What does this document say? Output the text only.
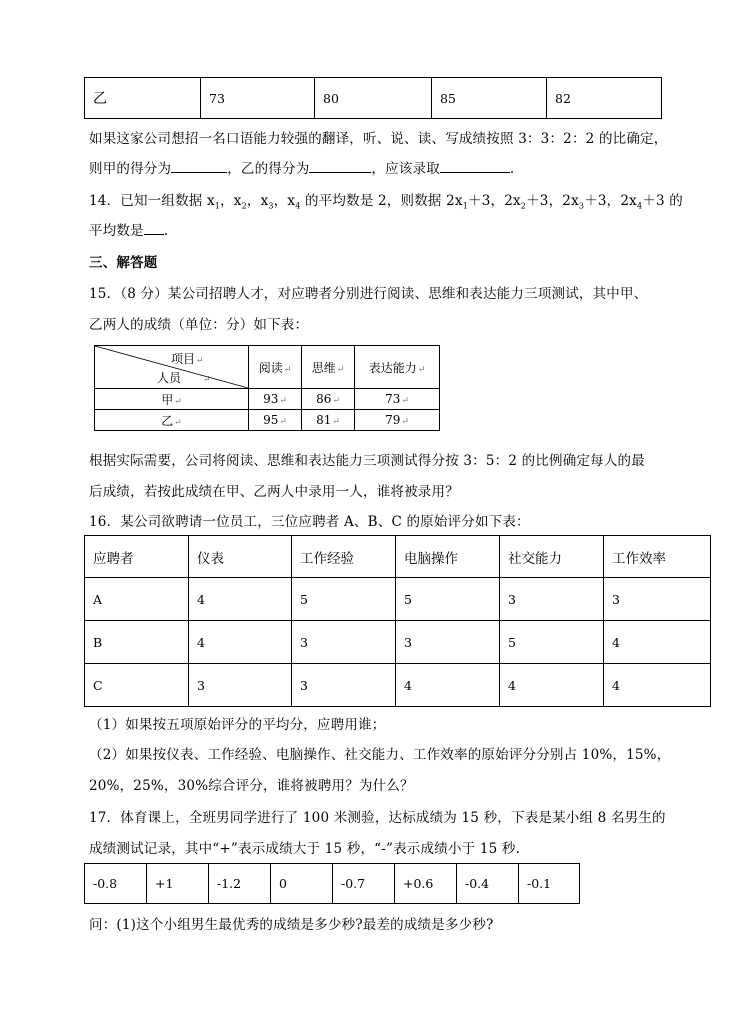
乙	73	80	85	82
如果这家公司想招一名口语能力较强的翻译，听、说、读、写成绩按照 3：3：2：2 的比确定，
则甲的得分为	，乙的得分为	，应该录取	.
14．已知一组数据 $x_1$，$x_2$，$x_3$，$x_4$ 的平均数是 2，则数据 $2x_1+3$，$2x_2+3$，$2x_3+3$，$2x_4+3$ 的
平均数是 .
三、解答题
15．（8 分）某公司招聘人才，对应聘者分别进行阅读、思维和表达能力三项测试，其中甲、
乙两人的成绩（单位：分）如下表：
项目↵
人员 ↵	阅读↵	思维↵	表达能力↵
甲↵	93↵	86↵	73↵
乙↵	95↵	81↵	79↵
根据实际需要，公司将阅读、思维和表达能力三项测试得分按 3：5：2 的比例确定每人的最
后成绩，若按此成绩在甲、乙两人中录用一人，谁将被录用？
16．某公司欲聘请一位员工，三位应聘者 A、B、C 的原始评分如下表：
应聘者	仪表	工作经验	电脑操作	社交能力	工作效率
A	4	5	5	3	3
B	4	3	3	5	4
C	3	3	4	4	4
（1）如果按五项原始评分的平均分，应聘用谁；
（2）如果按仪表、工作经验、电脑操作、社交能力、工作效率的原始评分分别占 10%，15%，
20%，25%，30%综合评分，谁将被聘用？为什么？
17．体育课上，全班男同学进行了 100 米测验，达标成绩为 15 秒，下表是某小组 8 名男生的
成绩测试记录，其中“+”表示成绩大于 15 秒，“-”表示成绩小于 15 秒.
-0.8	+1	-1.2	0	-0.7	+0.6	-0.4	-0.1
问：(1)这个小组男生最优秀的成绩是多少秒?最差的成绩是多少秒?
